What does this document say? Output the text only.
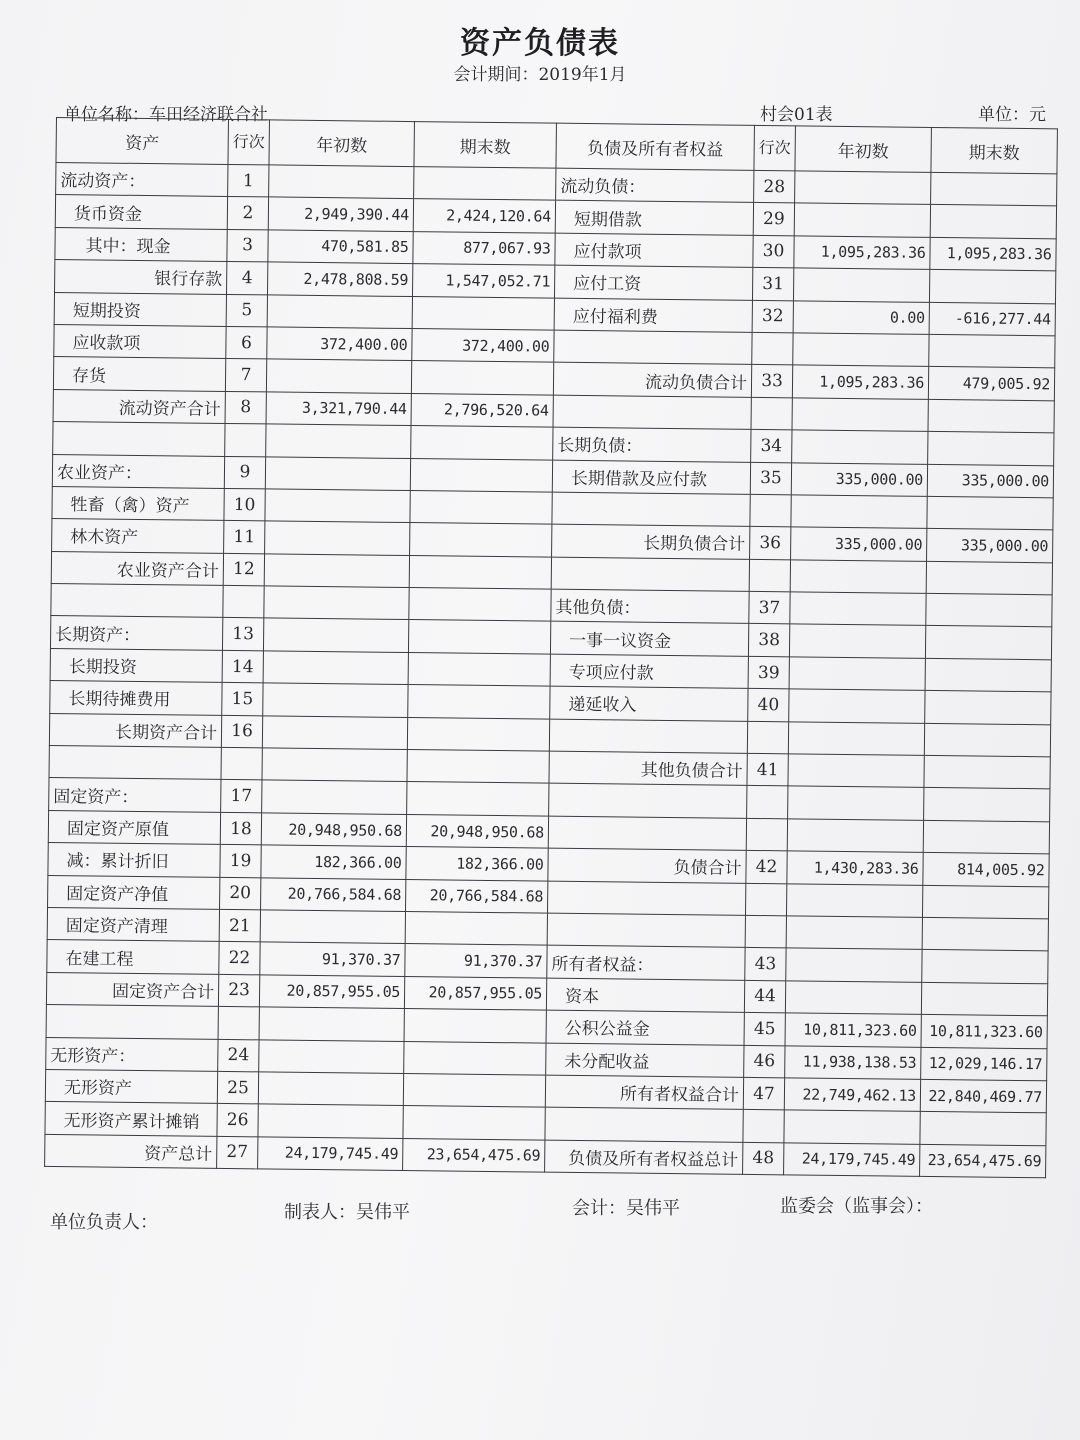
资产负债表
会计期间：2019年1月
单位名称：车田经济联合社	村会01表	单位：元
资产	行次	年初数	期末数	负债及所有者权益	行次	年初数	期末数
流动资产：	1			流动负债：	28		
货币资金	2	2,949,390.44	2,424,120.64	短期借款	29		
其中：现金	3	470,581.85	877,067.93	应付款项	30	1,095,283.36	1,095,283.36
银行存款	4	2,478,808.59	1,547,052.71	应付工资	31		
短期投资	5			应付福利费	32	0.00	-616,277.44
应收款项	6	372,400.00	372,400.00				
存货	7			流动负债合计	33	1,095,283.36	479,005.92
流动资产合计	8	3,321,790.44	2,796,520.64				
				长期负债：	34		
农业资产：	9			长期借款及应付款	35	335,000.00	335,000.00
牲畜（禽）资产	10						
林木资产	11			长期负债合计	36	335,000.00	335,000.00
农业资产合计	12						
				其他负债：	37		
长期资产：	13			一事一议资金	38		
长期投资	14			专项应付款	39		
长期待摊费用	15			递延收入	40		
长期资产合计	16						
				其他负债合计	41		
固定资产：	17						
固定资产原值	18	20,948,950.68	20,948,950.68				
减：累计折旧	19	182,366.00	182,366.00	负债合计	42	1,430,283.36	814,005.92
固定资产净值	20	20,766,584.68	20,766,584.68				
固定资产清理	21						
在建工程	22	91,370.37	91,370.37	所有者权益：	43		
固定资产合计	23	20,857,955.05	20,857,955.05	资本	44		
				公积公益金	45	10,811,323.60	10,811,323.60
无形资产：	24			未分配收益	46	11,938,138.53	12,029,146.17
无形资产	25			所有者权益合计	47	22,749,462.13	22,840,469.77
无形资产累计摊销	26						
资产总计	27	24,179,745.49	23,654,475.69	负债及所有者权益总计	48	24,179,745.49	23,654,475.69
单位负责人：	制表人：吴伟平	会计：吴伟平	监委会（监事会）：
